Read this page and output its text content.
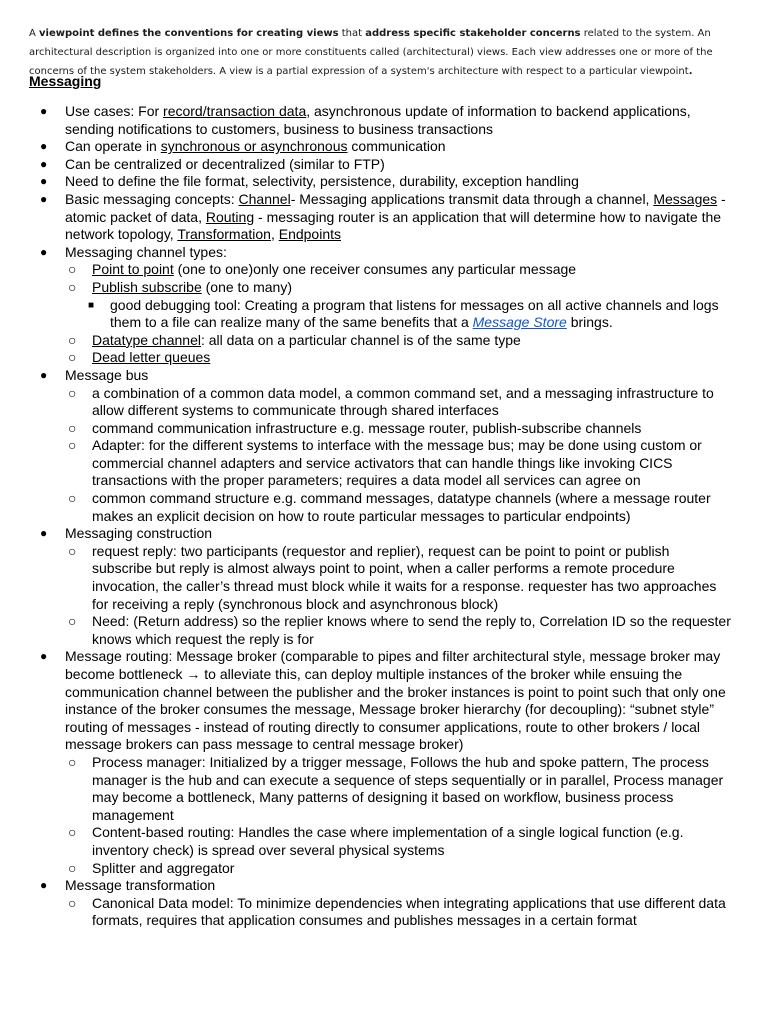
A viewpoint defines the conventions for creating views that address specific stakeholder concerns related to the system. An architectural description is organized into one or more constituents called (architectural) views. Each view addresses one or more of the concerns of the system stakeholders. A view is a partial expression of a system's architecture with respect to a particular viewpoint.
Messaging
● Use cases: For record/transaction data, asynchronous update of information to backend applications, sending notifications to customers, business to business transactions
● Can operate in synchronous or asynchronous communication
● Can be centralized or decentralized (similar to FTP)
● Need to define the file format, selectivity, persistence, durability, exception handling
● Basic messaging concepts: Channel- Messaging applications transmit data through a channel, Messages - atomic packet of data, Routing - messaging router is an application that will determine how to navigate the network topology, Transformation, Endpoints
● Messaging channel types:
○ Point to point (one to one)only one receiver consumes any particular message
○ Publish subscribe (one to many)
■ good debugging tool: Creating a program that listens for messages on all active channels and logs them to a file can realize many of the same benefits that a Message Store brings.
○ Datatype channel: all data on a particular channel is of the same type
○ Dead letter queues
● Message bus
○ a combination of a common data model, a common command set, and a messaging infrastructure to allow different systems to communicate through shared interfaces
○ command communication infrastructure e.g. message router, publish-subscribe channels
○ Adapter: for the different systems to interface with the message bus; may be done using custom or commercial channel adapters and service activators that can handle things like invoking CICS transactions with the proper parameters; requires a data model all services can agree on
○ common command structure e.g. command messages, datatype channels (where a message router makes an explicit decision on how to route particular messages to particular endpoints)
● Messaging construction
○ request reply: two participants (requestor and replier), request can be point to point or publish subscribe but reply is almost always point to point, when a caller performs a remote procedure invocation, the caller’s thread must block while it waits for a response. requester has two approaches for receiving a reply (synchronous block and asynchronous block)
○ Need: (Return address) so the replier knows where to send the reply to, Correlation ID so the requester knows which request the reply is for
● Message routing: Message broker (comparable to pipes and filter architectural style, message broker may become bottleneck → to alleviate this, can deploy multiple instances of the broker while ensuing the communication channel between the publisher and the broker instances is point to point such that only one instance of the broker consumes the message, Message broker hierarchy (for decoupling): “subnet style” routing of messages - instead of routing directly to consumer applications, route to other brokers / local message brokers can pass message to central message broker)
○ Process manager: Initialized by a trigger message, Follows the hub and spoke pattern, The process manager is the hub and can execute a sequence of steps sequentially or in parallel, Process manager may become a bottleneck, Many patterns of designing it based on workflow, business process management
○ Content-based routing: Handles the case where implementation of a single logical function (e.g. inventory check) is spread over several physical systems
○ Splitter and aggregator
● Message transformation
○ Canonical Data model: To minimize dependencies when integrating applications that use different data formats, requires that application consumes and publishes messages in a certain format
